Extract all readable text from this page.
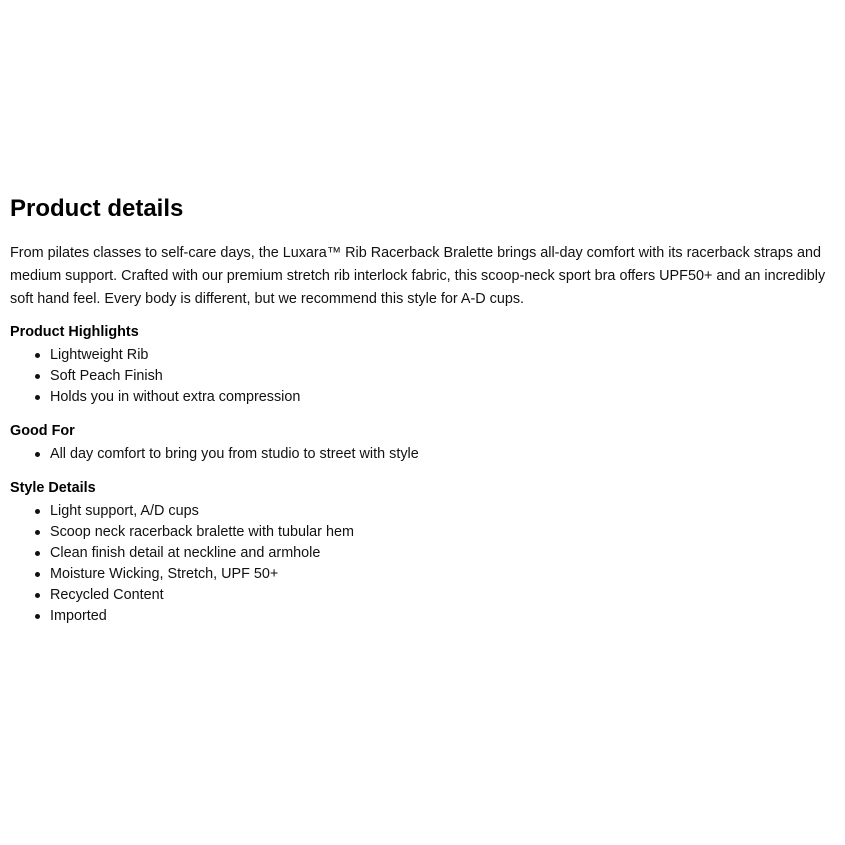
Product details

From pilates classes to self-care days, the Luxara™ Rib Racerback Bralette brings all-day comfort with its racerback straps and medium support. Crafted with our premium stretch rib interlock fabric, this scoop-neck sport bra offers UPF50+ and an incredibly soft hand feel. Every body is different, but we recommend this style for A-D cups.

Product Highlights
Lightweight Rib
Soft Peach Finish
Holds you in without extra compression
Good For
All day comfort to bring you from studio to street with style
Style Details
Light support, A/D cups
Scoop neck racerback bralette with tubular hem
Clean finish detail at neckline and armhole
Moisture Wicking, Stretch, UPF 50+
Recycled Content
Imported
